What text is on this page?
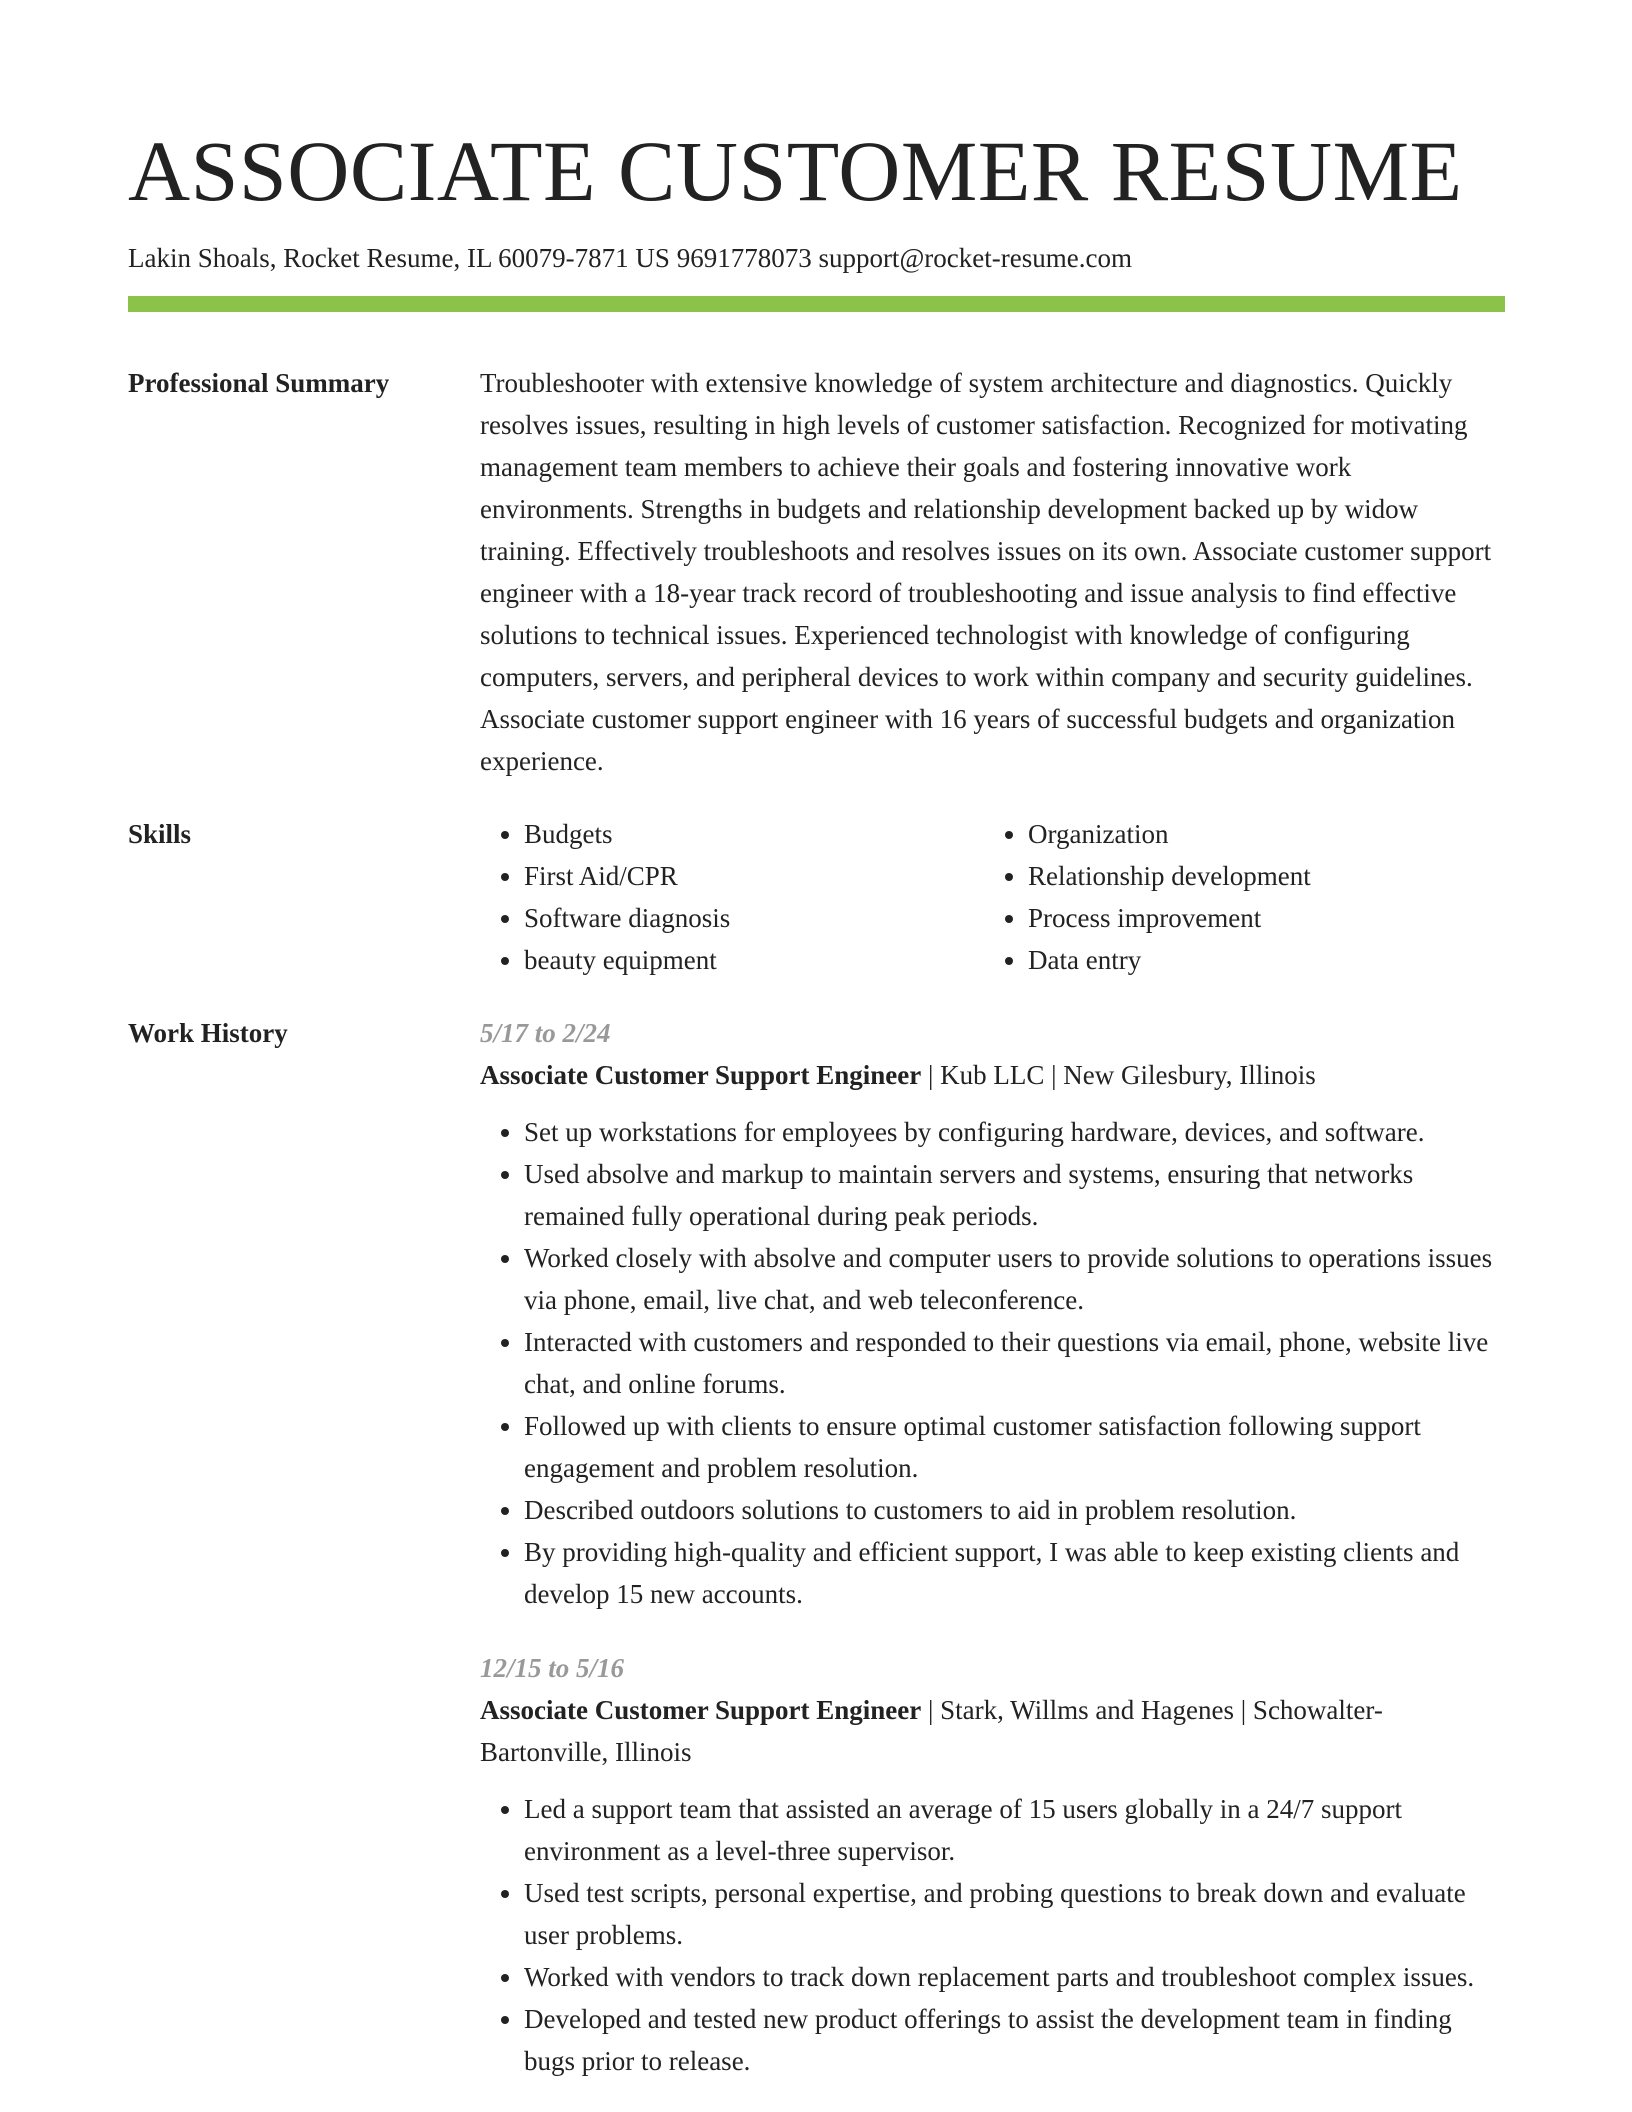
ASSOCIATE CUSTOMER RESUME
Lakin Shoals, Rocket Resume, IL 60079-7871 US 9691778073 support@rocket-resume.com
Professional Summary	Troubleshooter with extensive knowledge of system architecture and diagnostics. Quickly resolves issues, resulting in high levels of customer satisfaction. Recognized for motivating management team members to achieve their goals and fostering innovative work environments. Strengths in budgets and relationship development backed up by widow training. Effectively troubleshoots and resolves issues on its own. Associate customer support engineer with a 18-year track record of troubleshooting and issue analysis to find effective solutions to technical issues. Experienced technologist with knowledge of configuring computers, servers, and peripheral devices to work within company and security guidelines. Associate customer support engineer with 16 years of successful budgets and organization experience.

Skills
•	Budgets
• First Aid/CPR
• Software diagnosis
• beauty equipment
• Organization
• Relationship development
• Process improvement
• Data entry
Work History	5/17 to 2/24

Associate Customer Support Engineer | Kub LLC | New Gilesbury, Illinois

• Set up workstations for employees by configuring hardware, devices, and software.
• Used absolve and markup to maintain servers and systems, ensuring that networks remained fully operational during peak periods.
• Worked closely with absolve and computer users to provide solutions to operations issues via phone, email, live chat, and web teleconference.
• Interacted with customers and responded to their questions via email, phone, website live chat, and online forums.
• Followed up with clients to ensure optimal customer satisfaction following support engagement and problem resolution.
• Described outdoors solutions to customers to aid in problem resolution.
• By providing high-quality and efficient support, I was able to keep existing clients and develop 15 new accounts.
12/15 to 5/16

Associate Customer Support Engineer | Stark, Willms and Hagenes | Schowalter-Bartonville, Illinois

• Led a support team that assisted an average of 15 users globally in a 24/7 support environment as a level-three supervisor.
• Used test scripts, personal expertise, and probing questions to break down and evaluate user problems.
• Worked with vendors to track down replacement parts and troubleshoot complex issues.
• Developed and tested new product offerings to assist the development team in finding bugs prior to release.
